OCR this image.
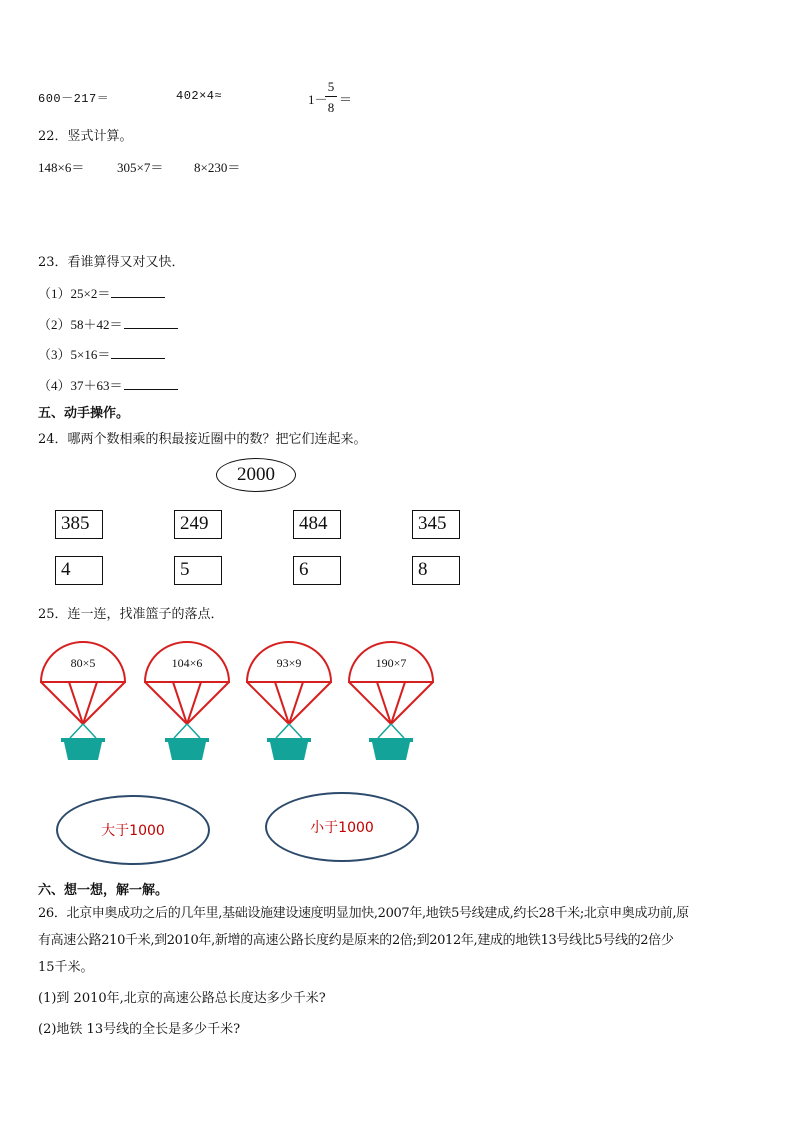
600－217＝	402×4≈	1－
5
8
＝
22．竖式计算。
148×6＝	305×7＝ 8×230＝
23．看谁算得又对又快．
（1）25×2＝
（2）58＋42＝
（3）5×16＝
（4）37＋63＝
五、动手操作。
24．哪两个数相乘的积最接近圈中的数？把它们连起来。
2000
385	249	484	345
4	5	6	8
25．连一连，找准篮子的落点．
80×5	104×6	93×9	190×7
大于1000	小于1000
六、想一想，解一解。
26．北京申奥成功之后的几年里,基础设施建设速度明显加快,2007年,地铁5号线建成,约长28千米;北京申奥成功前,原
有高速公路210千米,到2010年,新增的高速公路长度约是原来的2倍;到2012年,建成的地铁13号线比5号线的2倍少
15千米。
(1)到 2010年,北京的高速公路总长度达多少千米?
(2)地铁 13号线的全长是多少千米?
